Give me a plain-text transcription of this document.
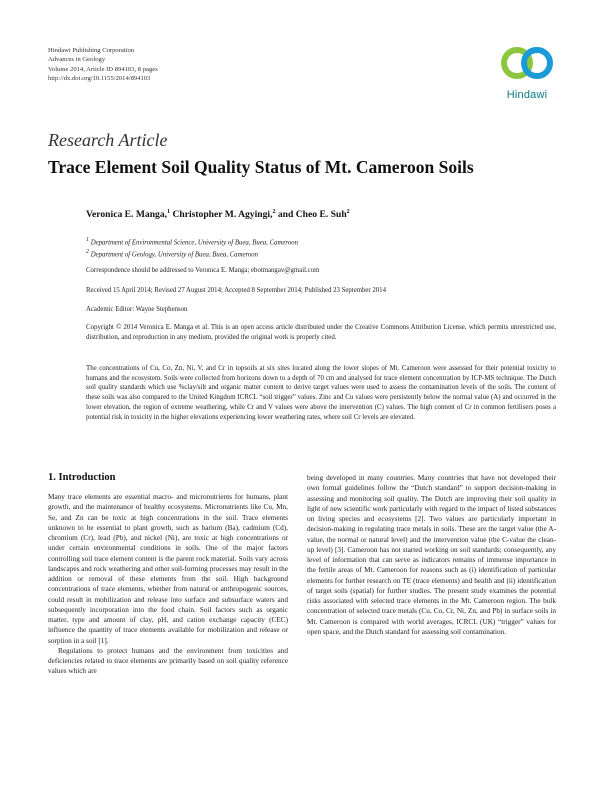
Hindawi Publishing Corporation
Advances in Geology
Volume 2014, Article ID 894103, 8 pages
http://dx.doi.org/10.1155/2014/894103
Hindawi
Research Article
Trace Element Soil Quality Status of Mt. Cameroon Soils
Veronica E. Manga,$^1$ Christopher M. Agyingi,$^2$ and Cheo E. Suh$^2$
$^1$ Department of Environmental Science, University of Buea, Buea, Cameroon
$^2$ Department of Geology, University of Buea, Buea, Cameroon
Correspondence should be addressed to Veronica E. Manga; ebotmangav@gmail.com
Received 15 April 2014; Revised 27 August 2014; Accepted 8 September 2014; Published 23 September 2014
Academic Editor: Wayne Stephenson
Copyright © 2014 Veronica E. Manga et al. This is an open access article distributed under the Creative Commons Attribution License, which permits unrestricted use, distribution, and reproduction in any medium, provided the original work is properly cited.
The concentrations of Cu, Co, Zn, Ni, V, and Cr in topsoils at six sites located along the lower slopes of Mt. Cameroon were assessed for their potential toxicity to humans and the ecosystem. Soils were collected from horizons down to a depth of 70 cm and analysed for trace element concentration by ICP-MS technique. The Dutch soil quality standards which use %clay/silt and organic matter content to derive target values were used to assess the contamination levels of the soils. The content of these soils was also compared to the United Kingdom ICRCL “soil trigger” values. Zinc and Cu values were persistently below the normal value (A) and occurred in the lower elevation, the region of extreme weathering, while Cr and V values were above the intervention (C) values. The high content of Cr in common fertilisers poses a potential risk in toxicity in the higher elevations experiencing lower weathering rates, where soil Cr levels are elevated.
1. Introduction

Many trace elements are essential macro- and micronutrients for humans, plant growth, and the maintenance of healthy ecosystems. Micronutrients like Cu, Mn, Se, and Zn can be toxic at high concentrations in the soil. Trace elements unknown to be essential to plant growth, such as barium (Ba), cadmium (Cd), chromium (Cr), lead (Pb), and nickel (Ni), are toxic at high concentrations or under certain environmental conditions in soils. One of the major factors controlling soil trace element content is the parent rock material. Soils vary across landscapes and rock weathering and other soil-forming processes may result in the addition or removal of these elements from the soil. High background concentrations of trace elements, whether from natural or anthropogenic sources, could result in mobilization and release into surface and subsurface waters and subsequently incorporation into the food chain. Soil factors such as organic matter, type and amount of clay, pH, and cation exchange capacity (CEC) influence the quantity of trace elements available for mobilization and release or sorption in a soil [1].

Regulations to protect humans and the environment from toxicities and deficiencies related to trace elements are primarily based on soil quality reference values which are

being developed in many countries. Many countries that have not developed their own formal guidelines follow the “Dutch standard” to support decision-making in assessing and monitoring soil quality. The Dutch are improving their soil quality in light of new scientific work particularly with regard to the impact of listed substances on living species and ecosystems [2]. Two values are particularly important in decision-making in regulating trace metals in soils. These are the target value (the A-value, the normal or natural level) and the intervention value (the C-value the clean-up level) [3]. Cameroon has not started working on soil standards; consequently, any level of information that can serve as indicators remains of immense importance in the fertile areas of Mt. Cameroon for reasons such as (i) identification of particular elements for further research on TE (trace elements) and health and (ii) identification of target soils (spatial) for further studies. The present study examines the potential risks associated with selected trace elements in the Mt. Cameroon region. The bulk concentration of selected trace metals (Cu, Co, Cr, Ni, Zn, and Pb) in surface soils in Mt. Cameroon is compared with world averages, ICRCL (UK) “trigger” values for open space, and the Dutch standard for assessing soil contamination.
